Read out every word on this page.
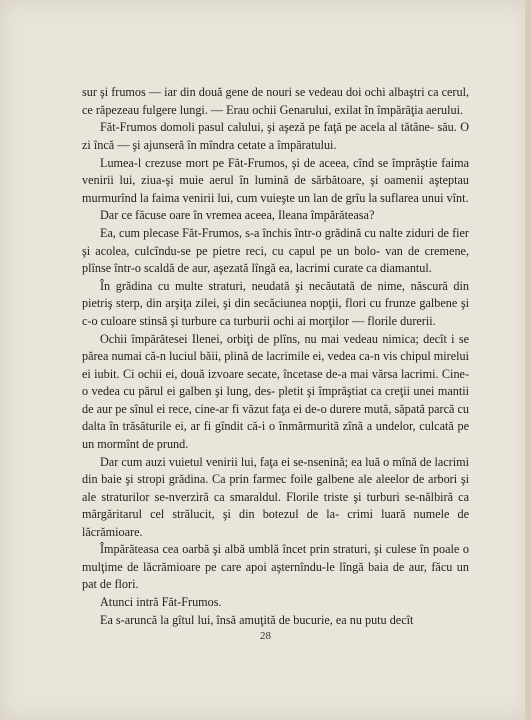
sur şi frumos — iar din două gene de nouri se vedeau doi ochi albaştri ca cerul, ce răpezeau fulgere lungi. — Erau ochii Genarului, exilat în împărăţia aerului.

Făt-Frumos domoli pasul calului, şi aşeză pe faţă pe acela al tătâne- său. O zi încă — şi ajunseră în mîndra cetate a împăratului.

Lumea-l crezuse mort pe Făt-Frumos, şi de aceea, cînd se împrăştie faima venirii lui, ziua-şi muie aerul în lumină de sărbătoare, şi oamenii aşteptau murmurînd la faima venirii lui, cum vuieşte un lan de grîu la suflarea unui vînt.

Dar ce făcuse oare în vremea aceea, Ileana împărăteasa?

Ea, cum plecase Făt-Frumos, s-a închis într-o grădină cu nalte ziduri de fier şi acolea, culcîndu-se pe pietre reci, cu capul pe un bolo- van de cremene, plînse într-o scaldă de aur, aşezată lîngă ea, lacrimi curate ca diamantul.

În grădina cu multe straturi, neudată şi necăutată de nime, născură din pietriş sterp, din arşiţa zilei, şi din secăciunea nopţii, flori cu frunze galbene şi c-o culoare stinsă şi turbure ca turburii ochi ai morţilor — florile durerii.

Ochii împărătesei Ilenei, orbiţi de plîns, nu mai vedeau nimica; decît i se părea numai că-n luciul băii, plină de lacrimile ei, vedea ca-n vis chipul mirelui ei iubit. Ci ochii ei, două izvoare secate, încetase de-a mai vărsa lacrimi. Cine-o vedea cu părul ei galben şi lung, des- pletit şi împrăştiat ca creţii unei mantii de aur pe sînul ei rece, cine-ar fi văzut faţa ei de-o durere mută, săpată parcă cu dalta în trăsăturile ei, ar fi gîndit că-i o înmărmurită zînă a undelor, culcată pe un mormînt de prund.

Dar cum auzi vuietul venirii lui, faţa ei se-nsenină; ea luă o mînă de lacrimi din baie şi stropi grădina. Ca prin farmec foile galbene ale aleelor de arbori şi ale straturilor se-nverziră ca smaraldul. Florile triste şi turburi se-nălbiră ca mărgăritarul cel strălucit, şi din botezul de la- crimi luară numele de lăcrămioare.

Împărăteasa cea oarbă şi albă umblă încet prin straturi, şi culese în poale o mulţime de lăcrămioare pe care apoi aşternîndu-le lîngă baia de aur, făcu un pat de flori.

Atunci intră Făt-Frumos.

Ea s-aruncă la gîtul lui, însă amuţită de bucurie, ea nu putu decît

28
